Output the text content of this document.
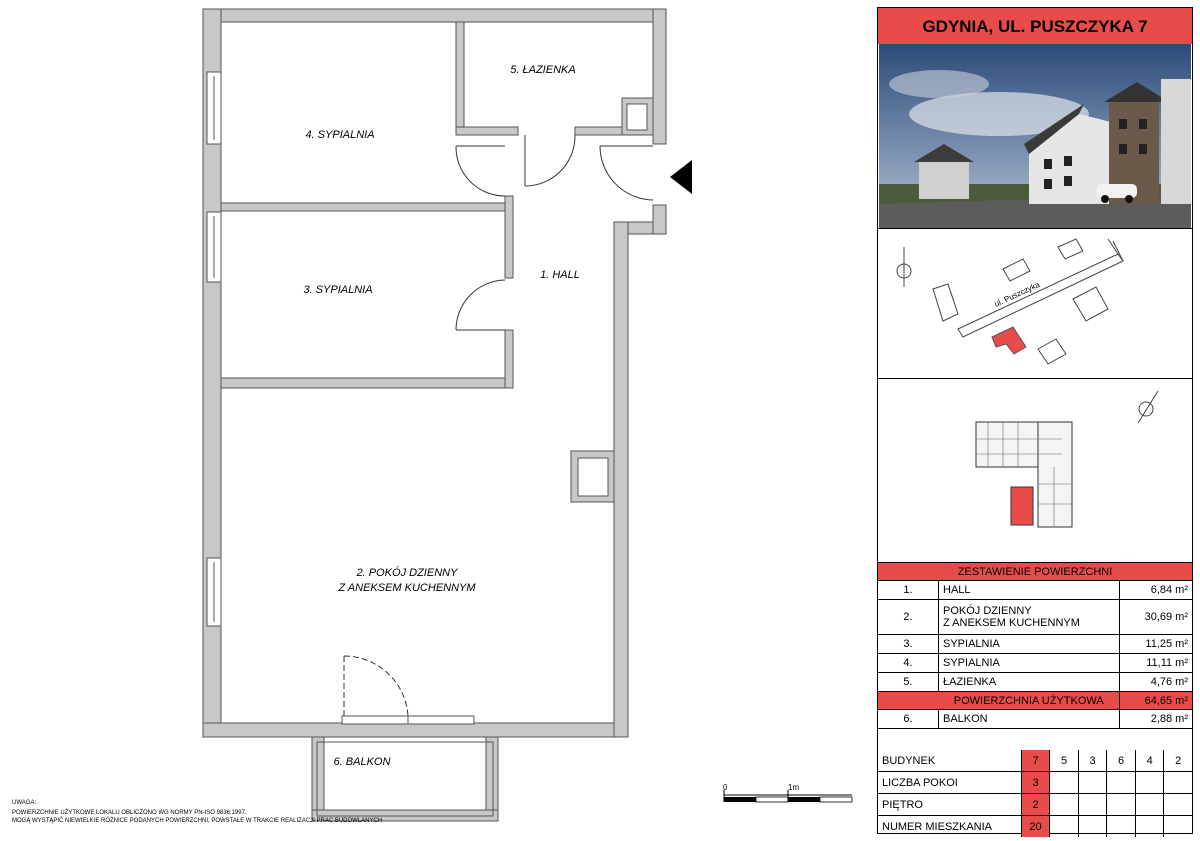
4. SYPIALNIA
5. ŁAZIENKA
3. SYPIALNIA
1. HALL
2. POKÓJ DZIENNY
Z ANEKSEM KUCHENNYM
6. BALKON
0	1m
UWAGA:
POWIERZCHNIE UŻYTKOWE LOKALU OBLICZONO WG NORMY PN-ISO 9836:1997.
MOGĄ WYSTĄPIĆ NIEWIELKIE RÓŻNICE PODANYCH POWIERZCHNI, POWSTAŁE W TRAKCIE REALIZACJI PRAC BUDOWLANYCH
GDYNIA, UL. PUSZCZYKA 7
ul. Puszczyka
ZESTAWIENIE POWIERZCHNI		
1.	HALL	6,84 m²
2.	POKÓJ DZIENNY
Z ANEKSEM KUCHENNYM	30,69 m²
3.	SYPIALNIA	11,25 m²
4.	SYPIALNIA	11,11 m²
5.	ŁAZIENKA	4,76 m²
	POWIERZCHNIA UŻYTKOWA	64,65 m²
6.	BALKON	2,88 m²
BUDYNEK	7	5	3	6	4	2
LICZBA POKOI	3					
PIĘTRO	2					
NUMER MIESZKANIA	20					
